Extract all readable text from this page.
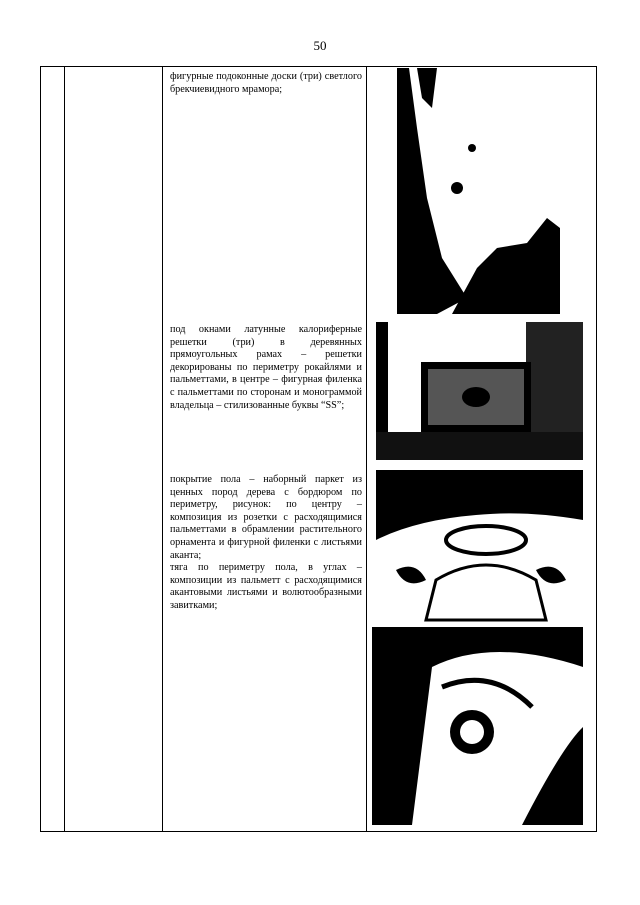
50

фигурные подоконные доски (три) светлого брекчиевидного мрамора;

под окнами латунные калориферные решетки (три) в деревянных прямоугольных рамах – решетки декорированы по периметру рокайлями и пальметтами, в центре – фигурная филенка с пальметтами по сторонам и монограммой владельца – стилизованные буквы “SS”;

покрытие пола – наборный паркет из ценных пород дерева с бордюром по периметру, рисунок: по центру – композиция из розетки с расходящимися пальметтами в обрамлении растительного орнамента и фигурной филенки с листьями аканта;

тяга по периметру пола, в углах – композиции из пальметт с расходящимися акантовыми листьями и волютообразными завитками;
